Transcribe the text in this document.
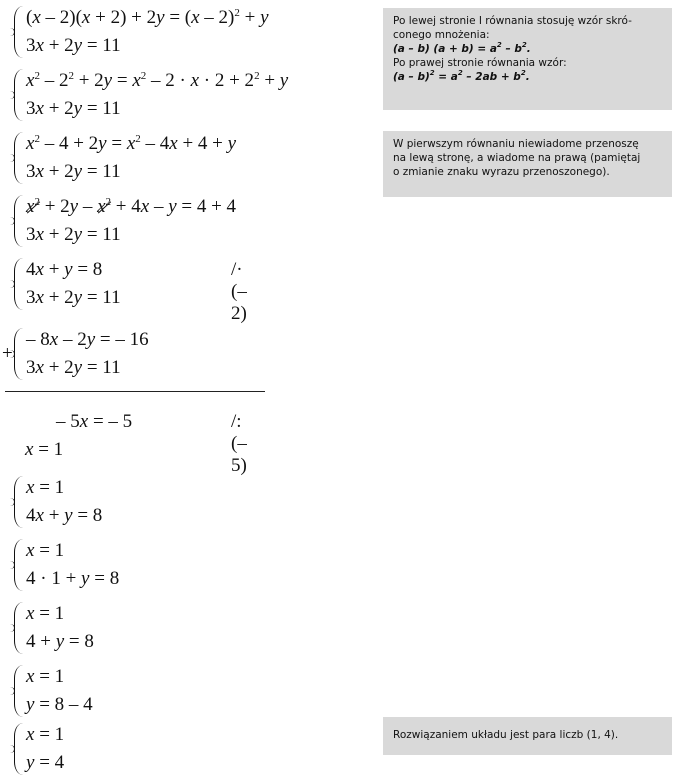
(x – 2)(x + 2) + 2y = (x – 2)$^2$ + y
3x + 2y = 11
$x^2 - 2^2 + 2y = x^2 - 2 \cdot x \cdot 2 + 2^2 + y$
3x + 2y = 11
$x^2 - 4 + 2y = x^2 - 4x + 4 + y$
3x + 2y = 11
$x^2 + 2y - x^2 + 4x - y = 4 + 4$
3x + 2y = 11
4x + y = 8
3x + 2y = 11
/· (– 2)
+
– 8x – 2y = – 16
3x + 2y = 11
– 5x = – 5	/: (– 5)
x = 1
x = 1
4x + y = 8
x = 1
4 · 1 + y = 8
x = 1
4 + y = 8
x = 1
y = 8 – 4
x = 1
y = 4
Po lewej stronie I równania stosuję wzór skró-
conego mnożenia:
(a – b) $(a + b) = a^2 - b^2$.
Po prawej stronie równania wzór:
$(a - b)^2 = a^2 - 2ab + b^2$.
W pierwszym równaniu niewiadome przenoszę
na lewą stronę, a wiadome na prawą (pamiętaj
o zmianie znaku wyrazu przenoszonego).
Rozwiązaniem układu jest para liczb (1, 4).
